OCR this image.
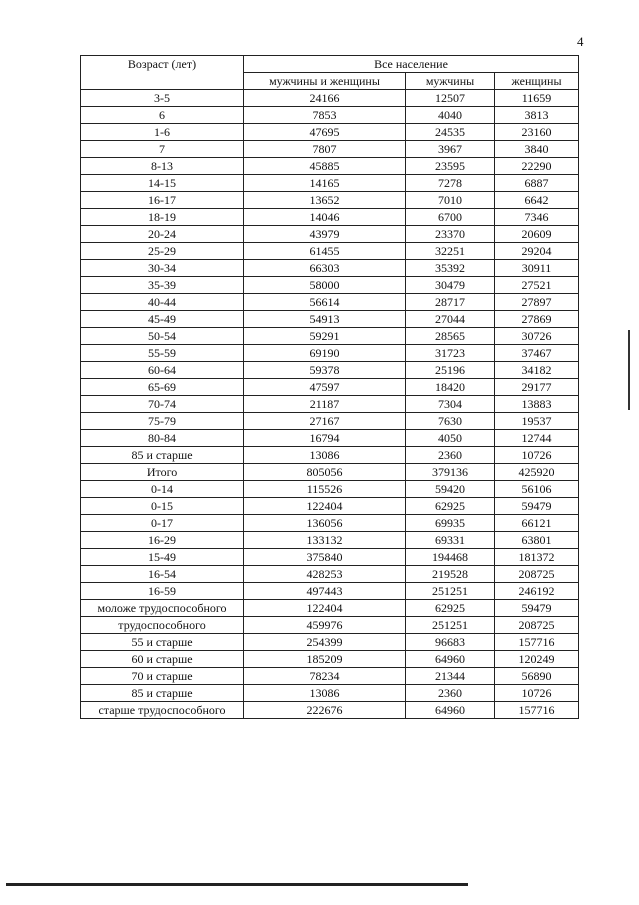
4
Возраст (лет)	Все население		
	мужчины и женщины	мужчины	женщины
3-5	24166	12507	11659
6	7853	4040	3813
1-6	47695	24535	23160
7	7807	3967	3840
8-13	45885	23595	22290
14-15	14165	7278	6887
16-17	13652	7010	6642
18-19	14046	6700	7346
20-24	43979	23370	20609
25-29	61455	32251	29204
30-34	66303	35392	30911
35-39	58000	30479	27521
40-44	56614	28717	27897
45-49	54913	27044	27869
50-54	59291	28565	30726
55-59	69190	31723	37467
60-64	59378	25196	34182
65-69	47597	18420	29177
70-74	21187	7304	13883
75-79	27167	7630	19537
80-84	16794	4050	12744
85 и старше	13086	2360	10726
Итого	805056	379136	425920
0-14	115526	59420	56106
0-15	122404	62925	59479
0-17	136056	69935	66121
16-29	133132	69331	63801
15-49	375840	194468	181372
16-54	428253	219528	208725
16-59	497443	251251	246192
моложе трудоспособного	122404	62925	59479
трудоспособного	459976	251251	208725
55 и старше	254399	96683	157716
60 и старше	185209	64960	120249
70 и старше	78234	21344	56890
85 и старше	13086	2360	10726
старше трудоспособного	222676	64960	157716
